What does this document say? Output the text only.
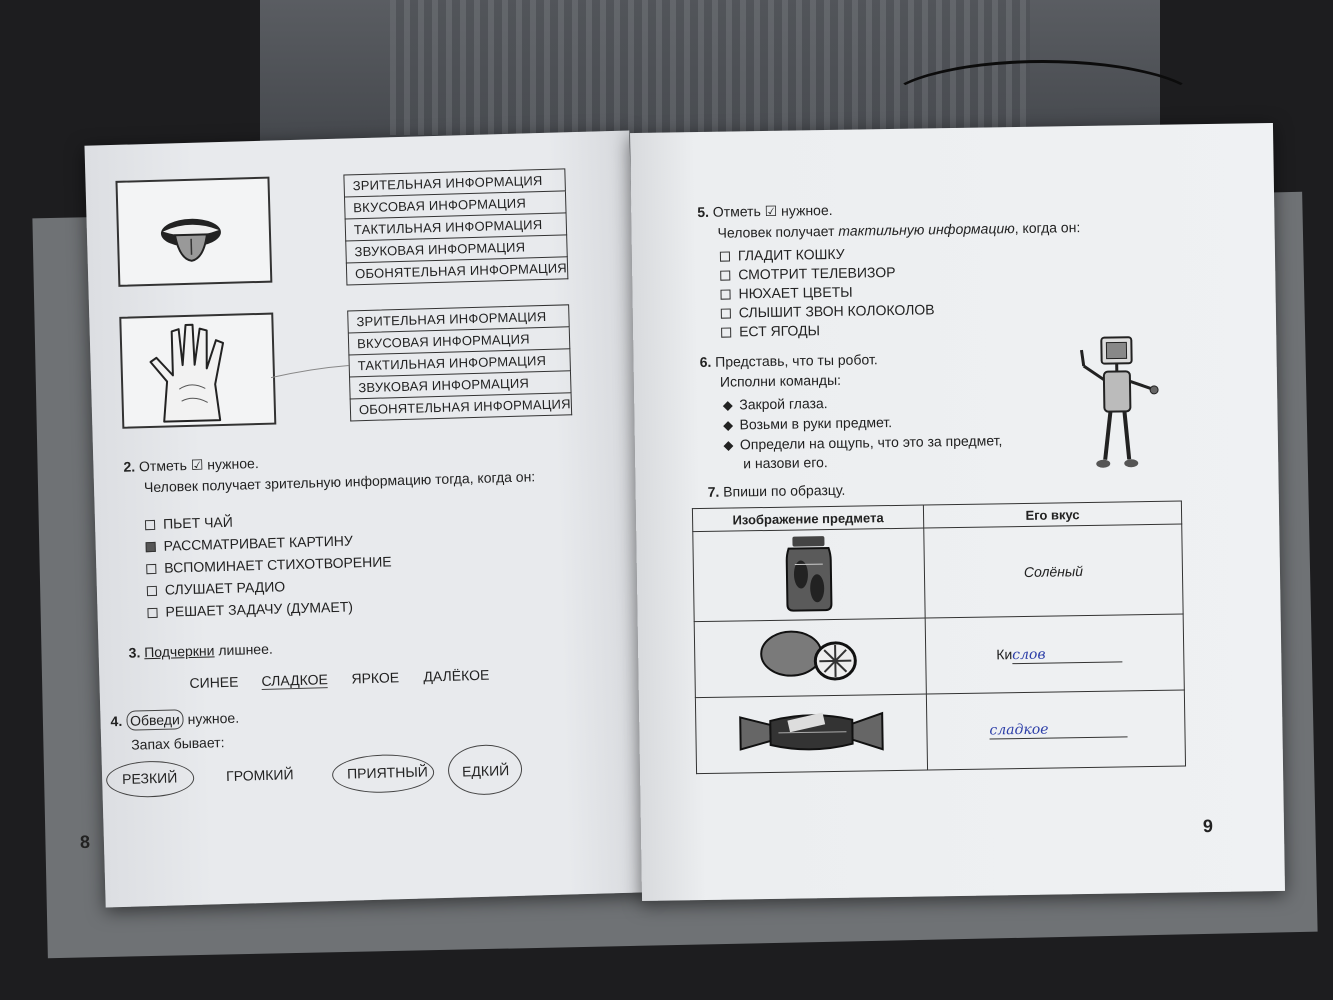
ЗРИТЕЛЬНАЯ ИНФОРМАЦИЯ
ВКУСОВАЯ ИНФОРМАЦИЯ
ТАКТИЛЬНАЯ ИНФОРМАЦИЯ
ЗВУКОВАЯ ИНФОРМАЦИЯ
ОБОНЯТЕЛЬНАЯ ИНФОРМАЦИЯ
ЗРИТЕЛЬНАЯ ИНФОРМАЦИЯ
ВКУСОВАЯ ИНФОРМАЦИЯ
ТАКТИЛЬНАЯ ИНФОРМАЦИЯ
ЗВУКОВАЯ ИНФОРМАЦИЯ
ОБОНЯТЕЛЬНАЯ ИНФОРМАЦИЯ
2. Отметь ☑ нужное.
Человек получает зрительную информацию тогда, когда он:
ПЬЕТ ЧАЙ
РАССМАТРИВАЕТ КАРТИНУ
ВСПОМИНАЕТ СТИХОТВОРЕНИЕ
СЛУШАЕТ РАДИО
РЕШАЕТ ЗАДАЧУ (ДУМАЕТ)
3. Подчеркни лишнее.
СИНЕЕ СЛАДКОЕ ЯРКОЕ ДАЛЁКОЕ
4. Обведи нужное.
Запах бывает:
РЕЗКИЙ	ГРОМКИЙ	ПРИЯТНЫЙ ЕДКИЙ
8
5. Отметь ☑ нужное.
Человек получает тактильную информацию, когда он:
ГЛАДИТ КОШКУ
СМОТРИТ ТЕЛЕВИЗОР
НЮХАЕТ ЦВЕТЫ
СЛЫШИТ ЗВОН КОЛОКОЛОВ
ЕСТ ЯГОДЫ
6. Представь, что ты робот.
Исполни команды:
Закрой глаза.
Возьми в руки предмет.
Определи на ощупь, что это за предмет,
и назови его.
7. Впиши по образцу.
Изображение предмета	Его вкус
	Солёный
	Кислов
	сладкое
9
